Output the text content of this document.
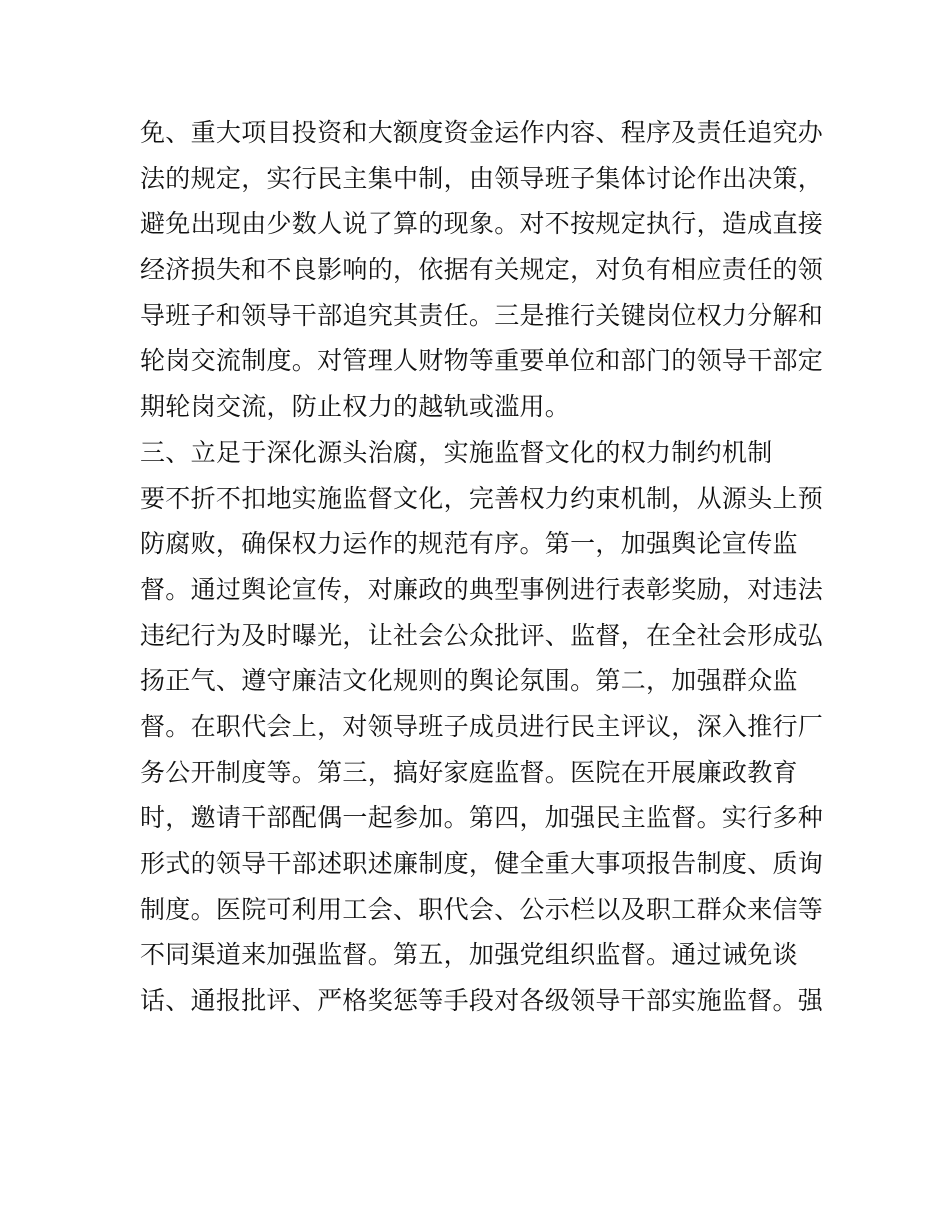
免、重大项目投资和大额度资金运作内容、程序及责任追究办
法的规定，实行民主集中制，由领导班子集体讨论作出决策，
避免出现由少数人说了算的现象。对不按规定执行，造成直接
经济损失和不良影响的，依据有关规定，对负有相应责任的领
导班子和领导干部追究其责任。三是推行关键岗位权力分解和
轮岗交流制度。对管理人财物等重要单位和部门的领导干部定
期轮岗交流，防止权力的越轨或滥用。
三、立足于深化源头治腐，实施监督文化的权力制约机制
要不折不扣地实施监督文化，完善权力约束机制，从源头上预
防腐败，确保权力运作的规范有序。第一，加强舆论宣传监
督。通过舆论宣传，对廉政的典型事例进行表彰奖励，对违法
违纪行为及时曝光，让社会公众批评、监督，在全社会形成弘
扬正气、遵守廉洁文化规则的舆论氛围。第二，加强群众监
督。在职代会上，对领导班子成员进行民主评议，深入推行厂
务公开制度等。第三，搞好家庭监督。医院在开展廉政教育
时，邀请干部配偶一起参加。第四，加强民主监督。实行多种
形式的领导干部述职述廉制度，健全重大事项报告制度、质询
制度。医院可利用工会、职代会、公示栏以及职工群众来信等
不同渠道来加强监督。第五，加强党组织监督。通过诫免谈
话、通报批评、严格奖惩等手段对各级领导干部实施监督。强
